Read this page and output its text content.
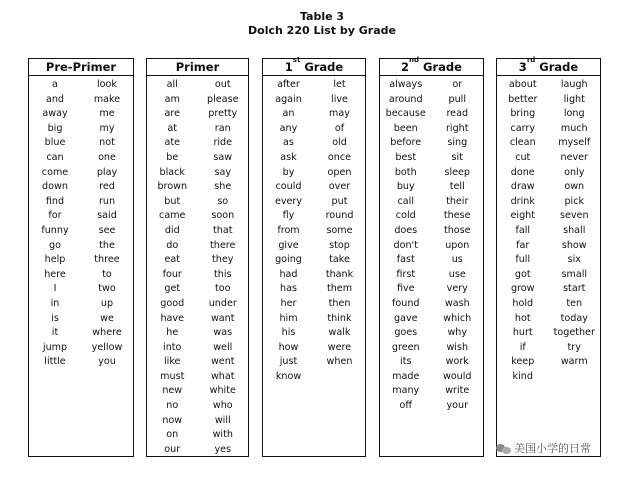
Table 3
Dolch 220 List by Grade
Pre-Primer
a
and
away
big
blue
can
come
down
find
for
funny
go
help
here
I
in
is
it
jump
little
look
make
me
my
not
one
play
red
run
said
see
the
three
to
two
up
we
where
yellow
you
Primer
all
am
are
at
ate
be
black
brown
but
came
did
do
eat
four
get
good
have
he
into
like
must
new
no
now
on
our
out
please
pretty
ran
ride
saw
say
she
so
soon
that
there
they
this
too
under
want
was
well
went
what
white
who
will
with
yes
1st Grade
after
again
an
any
as
ask
by
could
every
fly
from
give
going
had
has
her
him
his
how
just
know
let
live
may
of
old
once
open
over
put
round
some
stop
take
thank
them
then
think
walk
were
when
2nd Grade
always
around
because
been
before
best
both
buy
call
cold
does
don't
fast
first
five
found
gave
goes
green
its
made
many
off
or
pull
read
right
sing
sit
sleep
tell
their
these
those
upon
us
use
very
wash
which
why
wish
work
would
write
your
3rd Grade
about
better
bring
carry
clean
cut
done
draw
drink
eight
fall
far
full
got
grow
hold
hot
hurt
if
keep
kind
laugh
light
long
much
myself
never
only
own
pick
seven
shall
show
six
small
start
ten
today
together
try
warm
美国小学的日常
